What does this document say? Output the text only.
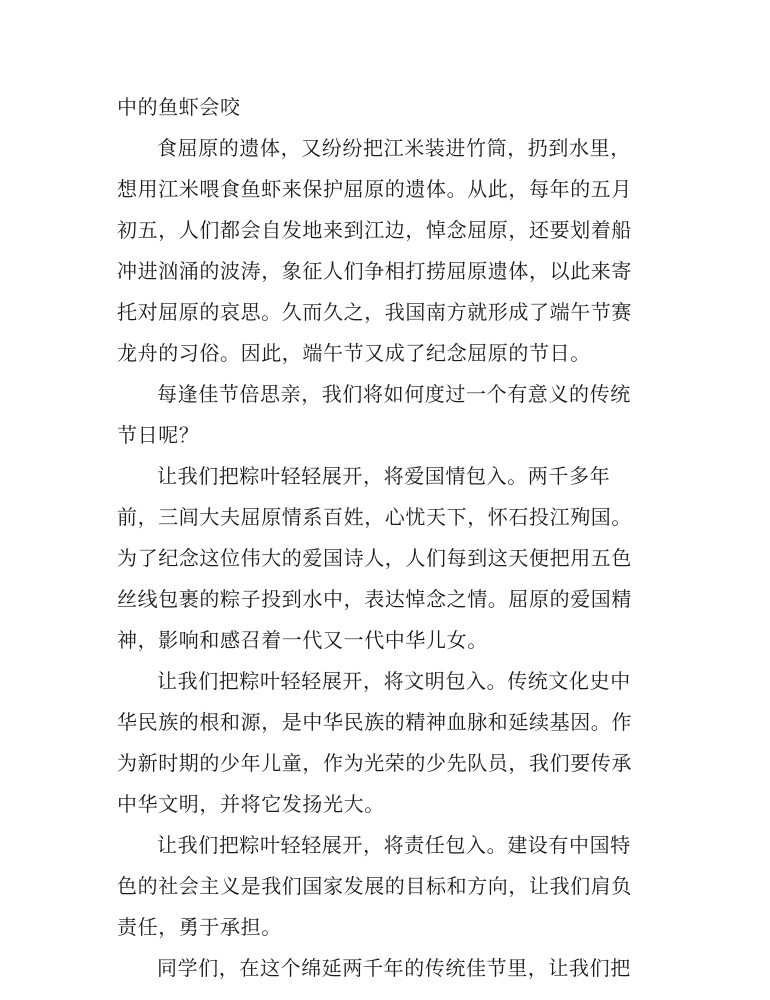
中的鱼虾会咬
食屈原的遗体，又纷纷把江米装进竹筒，扔到水里，
想用江米喂食鱼虾来保护屈原的遗体。从此，每年的五月
初五，人们都会自发地来到江边，悼念屈原，还要划着船
冲进汹涌的波涛，象征人们争相打捞屈原遗体，以此来寄
托对屈原的哀思。久而久之，我国南方就形成了端午节赛
龙舟的习俗。因此，端午节又成了纪念屈原的节日。
每逢佳节倍思亲，我们将如何度过一个有意义的传统
节日呢？
让我们把粽叶轻轻展开，将爱国情包入。两千多年
前，三闾大夫屈原情系百姓，心忧天下，怀石投江殉国。
为了纪念这位伟大的爱国诗人，人们每到这天便把用五色
丝线包裹的粽子投到水中，表达悼念之情。屈原的爱国精
神，影响和感召着一代又一代中华儿女。
让我们把粽叶轻轻展开，将文明包入。传统文化史中
华民族的根和源，是中华民族的精神血脉和延续基因。作
为新时期的少年儿童，作为光荣的少先队员，我们要传承
中华文明，并将它发扬光大。
让我们把粽叶轻轻展开，将责任包入。建设有中国特
色的社会主义是我们国家发展的目标和方向，让我们肩负
责任，勇于承担。
同学们，在这个绵延两千年的传统佳节里，让我们把
